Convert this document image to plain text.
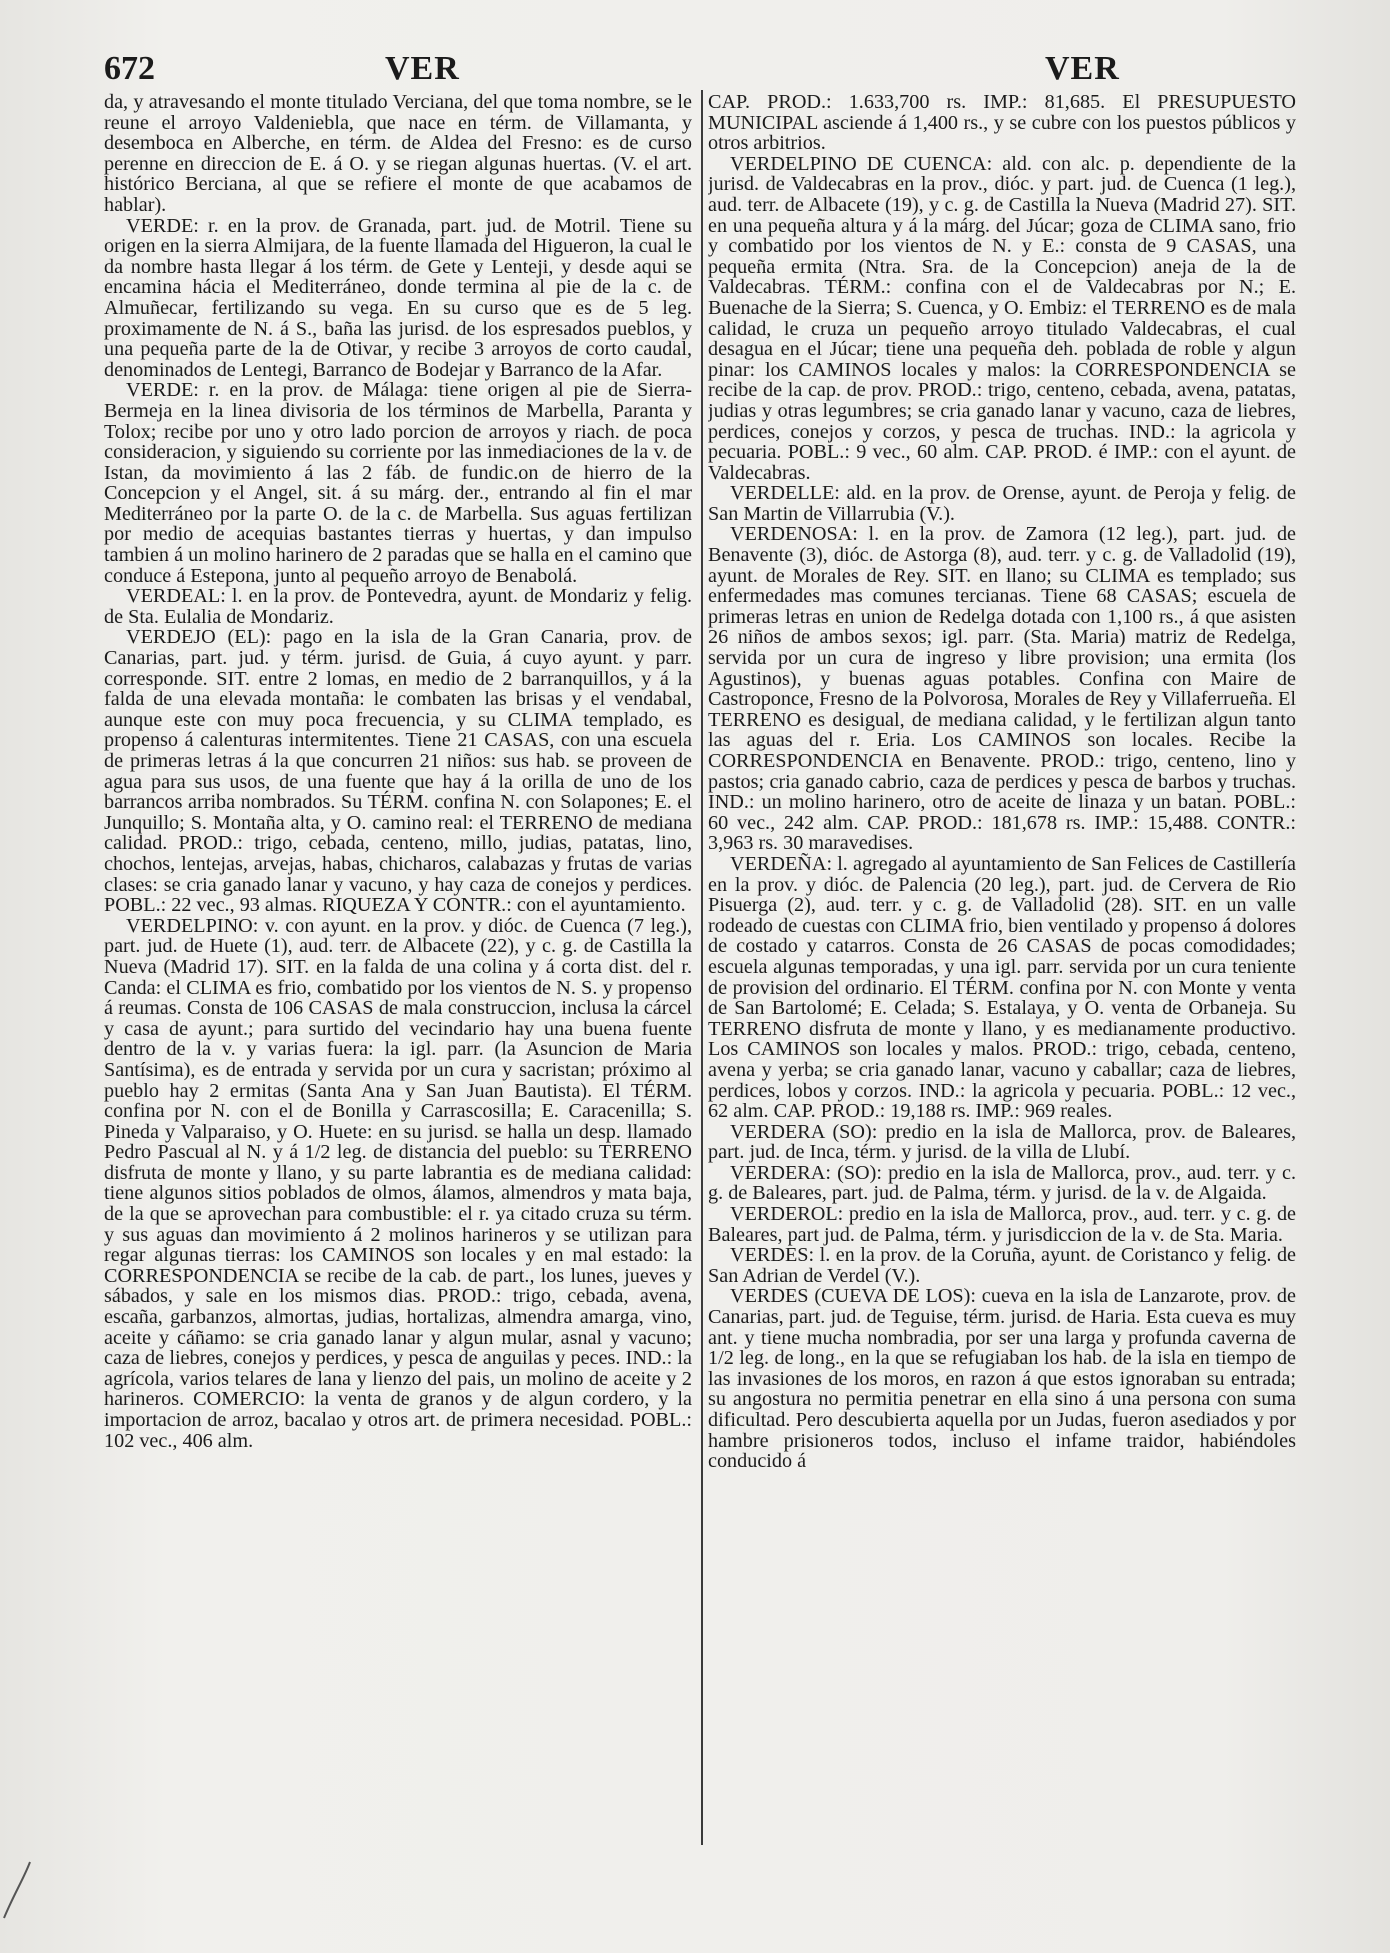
672	VER	VER

da, y atravesando el monte titulado Verciana, del que toma nombre, se le reune el arroyo Valdeniebla, que nace en térm. de Villamanta, y desemboca en Alberche, en térm. de Aldea del Fresno: es de curso perenne en direccion de E. á O. y se riegan algunas huertas. (V. el art. histórico Berciana, al que se refiere el monte de que acabamos de hablar).

VERDE: r. en la prov. de Granada, part. jud. de Motril. Tiene su origen en la sierra Almijara, de la fuente llamada del Higueron, la cual le da nombre hasta llegar á los térm. de Gete y Lenteji, y desde aqui se encamina hácia el Mediterráneo, donde termina al pie de la c. de Almuñecar, fertilizando su vega. En su curso que es de 5 leg. proximamente de N. á S., baña las jurisd. de los espresados pueblos, y una pequeña parte de la de Otivar, y recibe 3 arroyos de corto caudal, denominados de Lentegi, Barranco de Bodejar y Barranco de la Afar.

VERDE: r. en la prov. de Málaga: tiene origen al pie de Sierra-Bermeja en la linea divisoria de los términos de Marbella, Paranta y Tolox; recibe por uno y otro lado porcion de arroyos y riach. de poca consideracion, y siguiendo su corriente por las inmediaciones de la v. de Istan, da movimiento á las 2 fáb. de fundic.on de hierro de la Concepcion y el Angel, sit. á su márg. der., entrando al fin el mar Mediterráneo por la parte O. de la c. de Marbella. Sus aguas fertilizan por medio de acequias bastantes tierras y huertas, y dan impulso tambien á un molino harinero de 2 paradas que se halla en el camino que conduce á Estepona, junto al pequeño arroyo de Benabolá.

VERDEAL: l. en la prov. de Pontevedra, ayunt. de Mondariz y felig. de Sta. Eulalia de Mondariz.

VERDEJO (EL): pago en la isla de la Gran Canaria, prov. de Canarias, part. jud. y térm. jurisd. de Guia, á cuyo ayunt. y parr. corresponde. SIT. entre 2 lomas, en medio de 2 barranquillos, y á la falda de una elevada montaña: le combaten las brisas y el vendabal, aunque este con muy poca frecuencia, y su CLIMA templado, es propenso á calenturas intermitentes. Tiene 21 CASAS, con una escuela de primeras letras á la que concurren 21 niños: sus hab. se proveen de agua para sus usos, de una fuente que hay á la orilla de uno de los barrancos arriba nombrados. Su TÉRM. confina N. con Solapones; E. el Junquillo; S. Montaña alta, y O. camino real: el TERRENO de mediana calidad. PROD.: trigo, cebada, centeno, millo, judias, patatas, lino, chochos, lentejas, arvejas, habas, chicharos, calabazas y frutas de varias clases: se cria ganado lanar y vacuno, y hay caza de conejos y perdices. POBL.: 22 vec., 93 almas. RIQUEZA Y CONTR.: con el ayuntamiento.

VERDELPINO: v. con ayunt. en la prov. y dióc. de Cuenca (7 leg.), part. jud. de Huete (1), aud. terr. de Albacete (22), y c. g. de Castilla la Nueva (Madrid 17). SIT. en la falda de una colina y á corta dist. del r. Canda: el CLIMA es frio, combatido por los vientos de N. S. y propenso á reumas. Consta de 106 CASAS de mala construccion, inclusa la cárcel y casa de ayunt.; para surtido del vecindario hay una buena fuente dentro de la v. y varias fuera: la igl. parr. (la Asuncion de Maria Santísima), es de entrada y servida por un cura y sacristan; próximo al pueblo hay 2 ermitas (Santa Ana y San Juan Bautista). El TÉRM. confina por N. con el de Bonilla y Carrascosilla; E. Caracenilla; S. Pineda y Valparaiso, y O. Huete: en su jurisd. se halla un desp. llamado Pedro Pascual al N. y á 1/2 leg. de distancia del pueblo: su TERRENO disfruta de monte y llano, y su parte labrantia es de mediana calidad: tiene algunos sitios poblados de olmos, álamos, almendros y mata baja, de la que se aprovechan para combustible: el r. ya citado cruza su térm. y sus aguas dan movimiento á 2 molinos harineros y se utilizan para regar algunas tierras: los CAMINOS son locales y en mal estado: la CORRESPONDENCIA se recibe de la cab. de part., los lunes, jueves y sábados, y sale en los mismos dias. PROD.: trigo, cebada, avena, escaña, garbanzos, almortas, judias, hortalizas, almendra amarga, vino, aceite y cáñamo: se cria ganado lanar y algun mular, asnal y vacuno; caza de liebres, conejos y perdices, y pesca de anguilas y peces. IND.: la agrícola, varios telares de lana y lienzo del pais, un molino de aceite y 2 harineros. COMERCIO: la venta de granos y de algun cordero, y la importacion de arroz, bacalao y otros art. de primera necesidad. POBL.: 102 vec., 406 alm.

CAP. PROD.: 1.633,700 rs. IMP.: 81,685. El PRESUPUESTO MUNICIPAL asciende á 1,400 rs., y se cubre con los puestos públicos y otros arbitrios.

VERDELPINO DE CUENCA: ald. con alc. p. dependiente de la jurisd. de Valdecabras en la prov., dióc. y part. jud. de Cuenca (1 leg.), aud. terr. de Albacete (19), y c. g. de Castilla la Nueva (Madrid 27). SIT. en una pequeña altura y á la márg. del Júcar; goza de CLIMA sano, frio y combatido por los vientos de N. y E.: consta de 9 CASAS, una pequeña ermita (Ntra. Sra. de la Concepcion) aneja de la de Valdecabras. TÉRM.: confina con el de Valdecabras por N.; E. Buenache de la Sierra; S. Cuenca, y O. Embiz: el TERRENO es de mala calidad, le cruza un pequeño arroyo titulado Valdecabras, el cual desagua en el Júcar; tiene una pequeña deh. poblada de roble y algun pinar: los CAMINOS locales y malos: la CORRESPONDENCIA se recibe de la cap. de prov. PROD.: trigo, centeno, cebada, avena, patatas, judias y otras legumbres; se cria ganado lanar y vacuno, caza de liebres, perdices, conejos y corzos, y pesca de truchas. IND.: la agricola y pecuaria. POBL.: 9 vec., 60 alm. CAP. PROD. é IMP.: con el ayunt. de Valdecabras.

VERDELLE: ald. en la prov. de Orense, ayunt. de Peroja y felig. de San Martin de Villarrubia (V.).

VERDENOSA: l. en la prov. de Zamora (12 leg.), part. jud. de Benavente (3), dióc. de Astorga (8), aud. terr. y c. g. de Valladolid (19), ayunt. de Morales de Rey. SIT. en llano; su CLIMA es templado; sus enfermedades mas comunes tercianas. Tiene 68 CASAS; escuela de primeras letras en union de Redelga dotada con 1,100 rs., á que asisten 26 niños de ambos sexos; igl. parr. (Sta. Maria) matriz de Redelga, servida por un cura de ingreso y libre provision; una ermita (los Agustinos), y buenas aguas potables. Confina con Maire de Castroponce, Fresno de la Polvorosa, Morales de Rey y Villaferrueña. El TERRENO es desigual, de mediana calidad, y le fertilizan algun tanto las aguas del r. Eria. Los CAMINOS son locales. Recibe la CORRESPONDENCIA en Benavente. PROD.: trigo, centeno, lino y pastos; cria ganado cabrio, caza de perdices y pesca de barbos y truchas. IND.: un molino harinero, otro de aceite de linaza y un batan. POBL.: 60 vec., 242 alm. CAP. PROD.: 181,678 rs. IMP.: 15,488. CONTR.: 3,963 rs. 30 maravedises.

VERDEÑA: l. agregado al ayuntamiento de San Felices de Castillería en la prov. y dióc. de Palencia (20 leg.), part. jud. de Cervera de Rio Pisuerga (2), aud. terr. y c. g. de Valladolid (28). SIT. en un valle rodeado de cuestas con CLIMA frio, bien ventilado y propenso á dolores de costado y catarros. Consta de 26 CASAS de pocas comodidades; escuela algunas temporadas, y una igl. parr. servida por un cura teniente de provision del ordinario. El TÉRM. confina por N. con Monte y venta de San Bartolomé; E. Celada; S. Estalaya, y O. venta de Orbaneja. Su TERRENO disfruta de monte y llano, y es medianamente productivo. Los CAMINOS son locales y malos. PROD.: trigo, cebada, centeno, avena y yerba; se cria ganado lanar, vacuno y caballar; caza de liebres, perdices, lobos y corzos. IND.: la agricola y pecuaria. POBL.: 12 vec., 62 alm. CAP. PROD.: 19,188 rs. IMP.: 969 reales.

VERDERA (SO): predio en la isla de Mallorca, prov. de Baleares, part. jud. de Inca, térm. y jurisd. de la villa de Llubí.

VERDERA: (SO): predio en la isla de Mallorca, prov., aud. terr. y c. g. de Baleares, part. jud. de Palma, térm. y jurisd. de la v. de Algaida.

VERDEROL: predio en la isla de Mallorca, prov., aud. terr. y c. g. de Baleares, part jud. de Palma, térm. y jurisdiccion de la v. de Sta. Maria.

VERDES: l. en la prov. de la Coruña, ayunt. de Coristanco y felig. de San Adrian de Verdel (V.).

VERDES (CUEVA DE LOS): cueva en la isla de Lanzarote, prov. de Canarias, part. jud. de Teguise, térm. jurisd. de Haria. Esta cueva es muy ant. y tiene mucha nombradia, por ser una larga y profunda caverna de 1/2 leg. de long., en la que se refugiaban los hab. de la isla en tiempo de las invasiones de los moros, en razon á que estos ignoraban su entrada; su angostura no permitia penetrar en ella sino á una persona con suma dificultad. Pero descubierta aquella por un Judas, fueron asediados y por hambre prisioneros todos, incluso el infame traidor, habiéndoles conducido á
